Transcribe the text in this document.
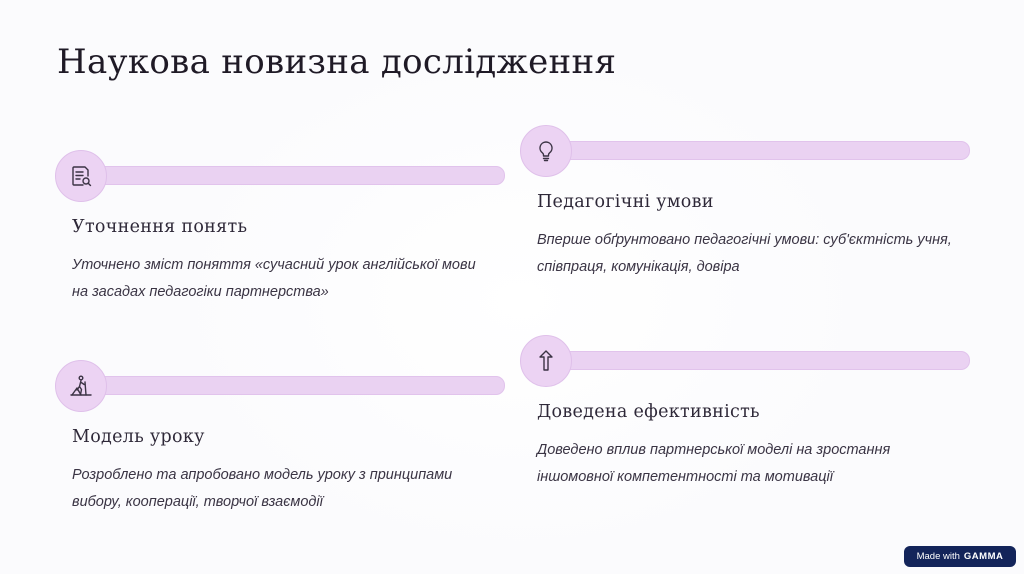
Наукова новизна дослідження
Уточнення понять

Уточнено зміст поняття «сучасний урок англійської мови на засадах педагогіки партнерства»

Педагогічні умови

Вперше обґрунтовано педагогічні умови: суб'єктність учня, співпраця, комунікація, довіра

Модель уроку

Розроблено та апробовано модель уроку з принципами вибору, кооперації, творчої взаємодії

Доведена ефективність

Доведено вплив партнерської моделі на зростання іншомовної компетентності та мотивації

Made with GAMMA
